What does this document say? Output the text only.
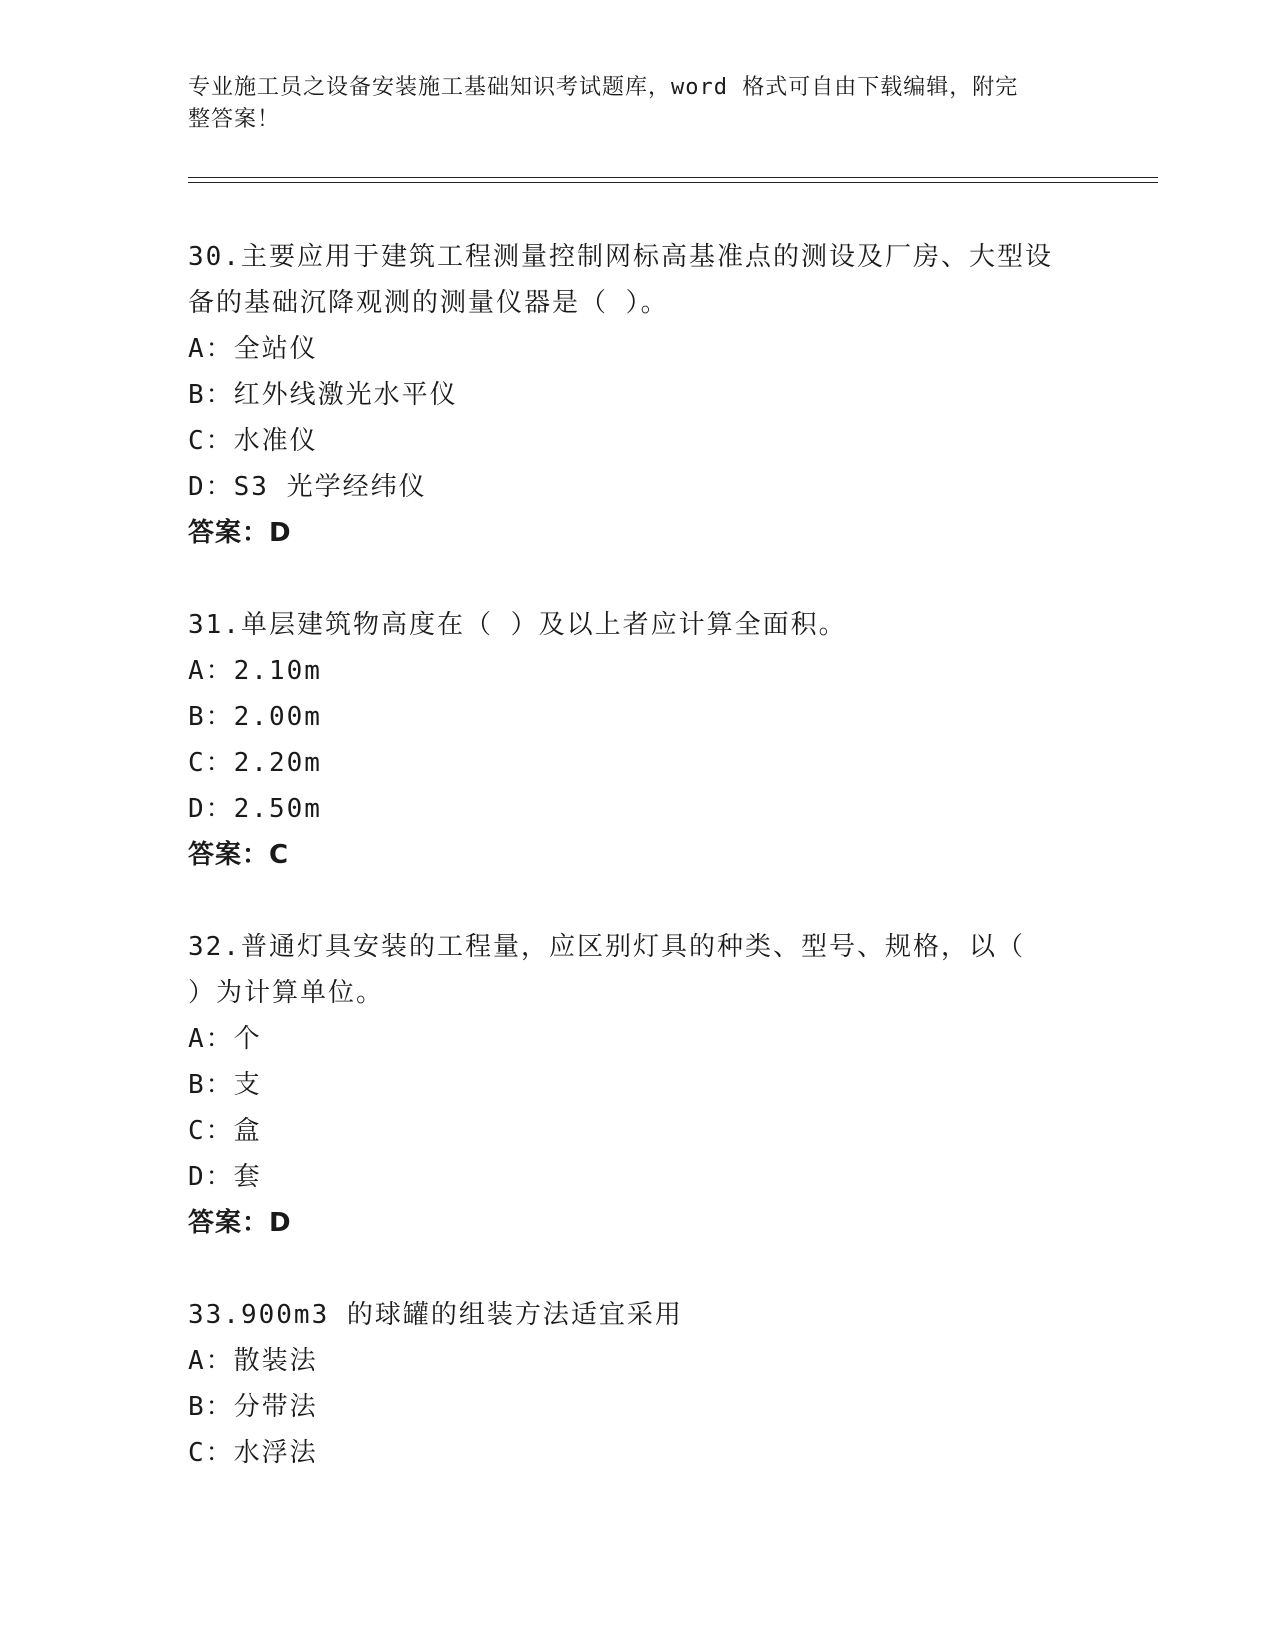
专业施工员之设备安装施工基础知识考试题库，word 格式可自由下载编辑，附完
整答案！
30.主要应用于建筑工程测量控制网标高基准点的测设及厂房、大型设
备的基础沉降观测的测量仪器是（ ）。
A：全站仪
B：红外线激光水平仪
C：水准仪
D：S3 光学经纬仪
答案：D
31.单层建筑物高度在（ ）及以上者应计算全面积。
A：2.10m
B：2.00m
C：2.20m
D：2.50m
答案：C
32.普通灯具安装的工程量，应区别灯具的种类、型号、规格，以（
）为计算单位。
A：个
B：支
C：盒
D：套
答案：D
33.900m3 的球罐的组装方法适宜采用
A：散装法
B：分带法
C：水浮法
